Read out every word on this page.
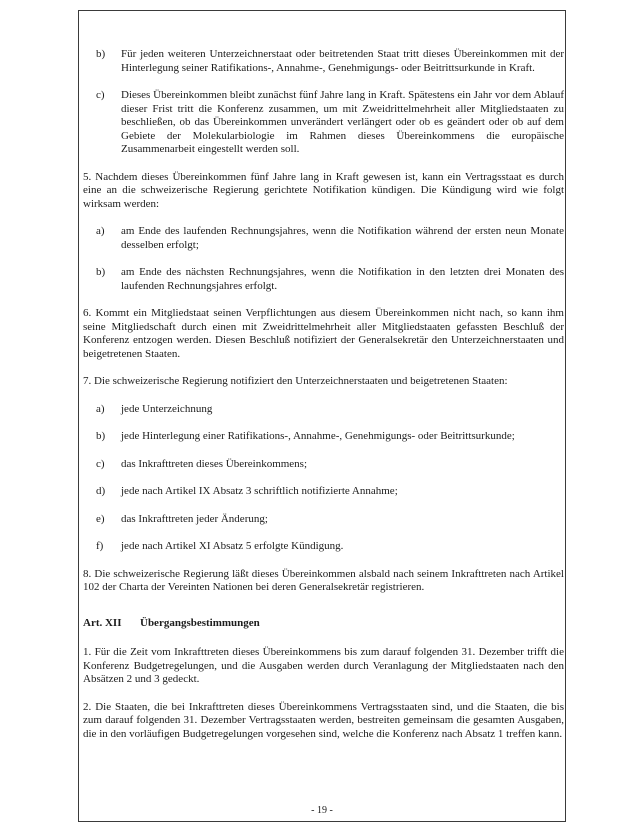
b)	Für jeden weiteren Unterzeichnerstaat oder beitretenden Staat tritt dieses Übereinkommen mit der Hinterlegung seiner Ratifikations-, Annahme-, Genehmigungs- oder Beitrittsurkunde in Kraft.
c)	Dieses Übereinkommen bleibt zunächst fünf Jahre lang in Kraft. Spätestens ein Jahr vor dem Ablauf dieser Frist tritt die Konferenz zusammen, um mit Zweidrittelmehrheit aller Mitgliedstaaten zu beschließen, ob das Übereinkommen unverändert verlängert oder ob es geändert oder ob auf dem Gebiete der Molekularbiologie im Rahmen dieses Übereinkommens die europäische Zusammenarbeit eingestellt werden soll.

5. Nachdem dieses Übereinkommen fünf Jahre lang in Kraft gewesen ist, kann ein Vertragsstaat es durch eine an die schweizerische Regierung gerichtete Notifikation kündigen. Die Kündigung wird wie folgt wirksam werden:

a)	am Ende des laufenden Rechnungsjahres, wenn die Notifikation während der ersten neun Monate desselben erfolgt;
b)	am Ende des nächsten Rechnungsjahres, wenn die Notifikation in den letzten drei Monaten des laufenden Rechnungsjahres erfolgt.

6. Kommt ein Mitgliedstaat seinen Verpflichtungen aus diesem Übereinkommen nicht nach, so kann ihm seine Mitgliedschaft durch einen mit Zweidrittelmehrheit aller Mitgliedstaaten gefassten Beschluß der Konferenz entzogen werden. Diesen Beschluß notifiziert der Generalsekretär den Unterzeichnerstaaten und beigetretenen Staaten.

7. Die schweizerische Regierung notifiziert den Unterzeichnerstaaten und beigetretenen Staaten:

a)	jede Unterzeichnung
b)	jede Hinterlegung einer Ratifikations-, Annahme-, Genehmigungs- oder Beitrittsurkunde;
c)	das Inkrafttreten dieses Übereinkommens;
d)	jede nach Artikel IX Absatz 3 schriftlich notifizierte Annahme;
e)	das Inkrafttreten jeder Änderung;
f)	jede nach Artikel XI Absatz 5 erfolgte Kündigung.

8. Die schweizerische Regierung läßt dieses Übereinkommen alsbald nach seinem Inkrafttreten nach Artikel 102 der Charta der Vereinten Nationen bei deren Generalsekretär registrieren.

Art. XII Übergangsbestimmungen

1. Für die Zeit vom Inkrafttreten dieses Übereinkommens bis zum darauf folgenden 31. Dezember trifft die Konferenz Budgetregelungen, und die Ausgaben werden durch Veranlagung der Mitgliedstaaten nach den Absätzen 2 und 3 gedeckt.

2. Die Staaten, die bei Inkrafttreten dieses Übereinkommens Vertragsstaaten sind, und die Staaten, die bis zum darauf folgenden 31. Dezember Vertragsstaaten werden, bestreiten gemeinsam die gesamten Ausgaben, die in den vorläufigen Budgetregelungen vorgesehen sind, welche die Konferenz nach Absatz 1 treffen kann.

- 19 -
